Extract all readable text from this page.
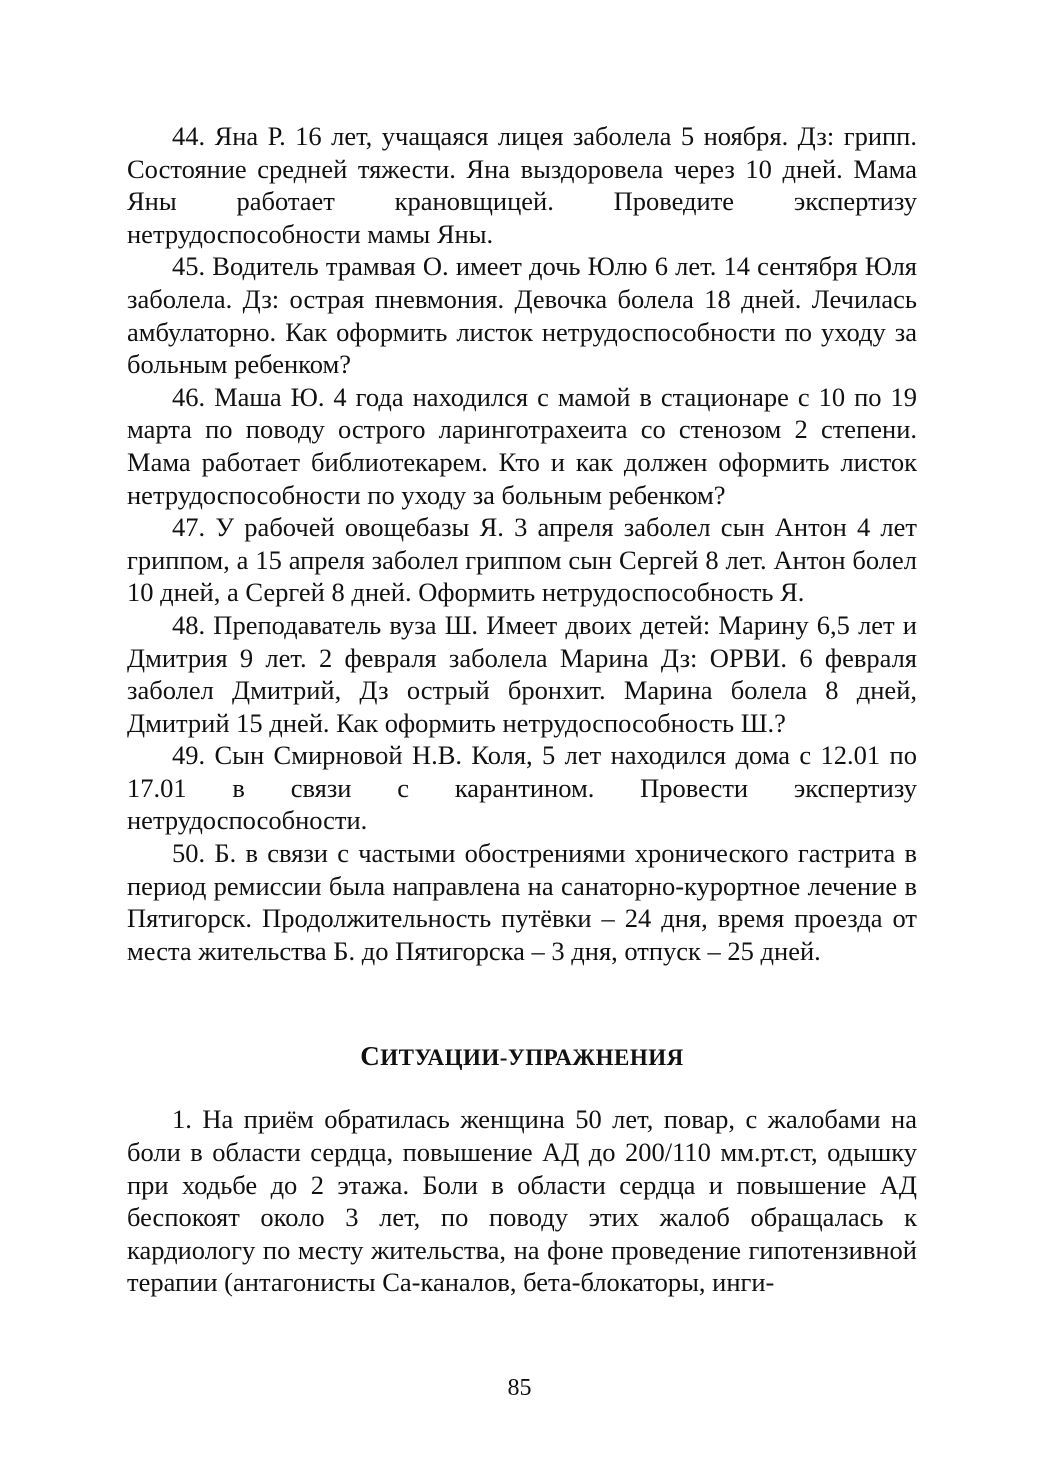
44. Яна Р. 16 лет, учащаяся лицея заболела 5 ноября. Дз: грипп. Состояние средней тяжести. Яна выздоровела через 10 дней. Мама Яны работает крановщицей. Проведите экспертизу нетрудоспособности мамы Яны.

45. Водитель трамвая О. имеет дочь Юлю 6 лет. 14 сентября Юля заболела. Дз: острая пневмония. Девочка болела 18 дней. Лечилась амбулаторно. Как оформить листок нетрудоспособности по уходу за больным ребенком?

46. Маша Ю. 4 года находился с мамой в стационаре с 10 по 19 марта по поводу острого ларинготрахеита со стенозом 2 степени. Мама работает библиотекарем. Кто и как должен оформить листок нетрудоспособности по уходу за больным ребенком?

47. У рабочей овощебазы Я. 3 апреля заболел сын Антон 4 лет гриппом, а 15 апреля заболел гриппом сын Сергей 8 лет. Антон болел 10 дней, а Сергей 8 дней. Оформить нетрудоспособность Я.

48. Преподаватель вуза Ш. Имеет двоих детей: Марину 6,5 лет и Дмитрия 9 лет. 2 февраля заболела Марина Дз: ОРВИ. 6 февраля заболел Дмитрий, Дз острый бронхит. Марина болела 8 дней, Дмитрий 15 дней. Как оформить нетрудоспособность Ш.?

49. Сын Смирновой Н.В. Коля, 5 лет находился дома с 12.01 по 17.01 в связи с карантином. Провести экспертизу нетрудоспособности.

50. Б. в связи с частыми обострениями хронического гастрита в период ремиссии была направлена на санаторно-курортное лечение в Пятигорск. Продолжительность путёвки – 24 дня, время проезда от места жительства Б. до Пятигорска – 3 дня, отпуск – 25 дней.

СИТУАЦИИ-УПРАЖНЕНИЯ

1. На приём обратилась женщина 50 лет, повар, с жалобами на боли в области сердца, повышение АД до 200/110 мм.рт.ст, одышку при ходьбе до 2 этажа. Боли в области сердца и повышение АД беспокоят около 3 лет, по поводу этих жалоб обращалась к кардиологу по месту жительства, на фоне проведение гипотензивной терапии (антагонисты Са-каналов, бета-блокаторы, инги-

85
